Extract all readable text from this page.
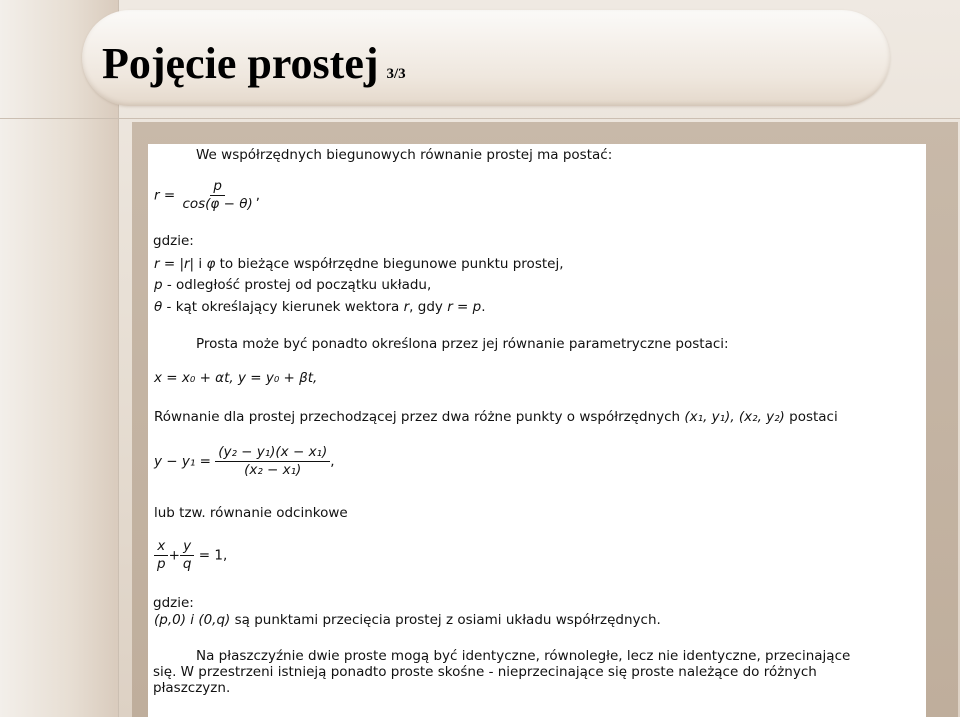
Pojęcie prostej 3/3
We współrzędnych biegunowych równanie prostej ma postać:
$r = \frac{p}{\cos(\varphi - \theta)}$ ,
gdzie:
r = |r| i φ to bieżące współrzędne biegunowe punktu prostej,
p - odległość prostej od początku układu,
θ - kąt określający kierunek wektora r, gdy r = p.
Prosta może być ponadto określona przez jej równanie parametryczne postaci:
x = x₀ + αt, y = y₀ + βt,
Równanie dla prostej przechodzącej przez dwa różne punkty o współrzędnych (x₁, y₁), (x₂, y₂) postaci
$y - y_1 = \frac{\text{(y₂ − y₁)(x − x₁)}}{\text{(x₂ − x₁)}}$ ,
lub tzw. równanie odcinkowe
$\frac{x}{p} + \frac{y}{q} = 1$,
gdzie:
(p,0) i (0,q) są punktami przecięcia prostej z osiami układu współrzędnych.
Na płaszczyźnie dwie proste mogą być identyczne, równoległe, lecz nie identyczne, przecinające
się. W przestrzeni istnieją ponadto proste skośne - nieprzecinające się proste należące do różnych
płaszczyzn.
